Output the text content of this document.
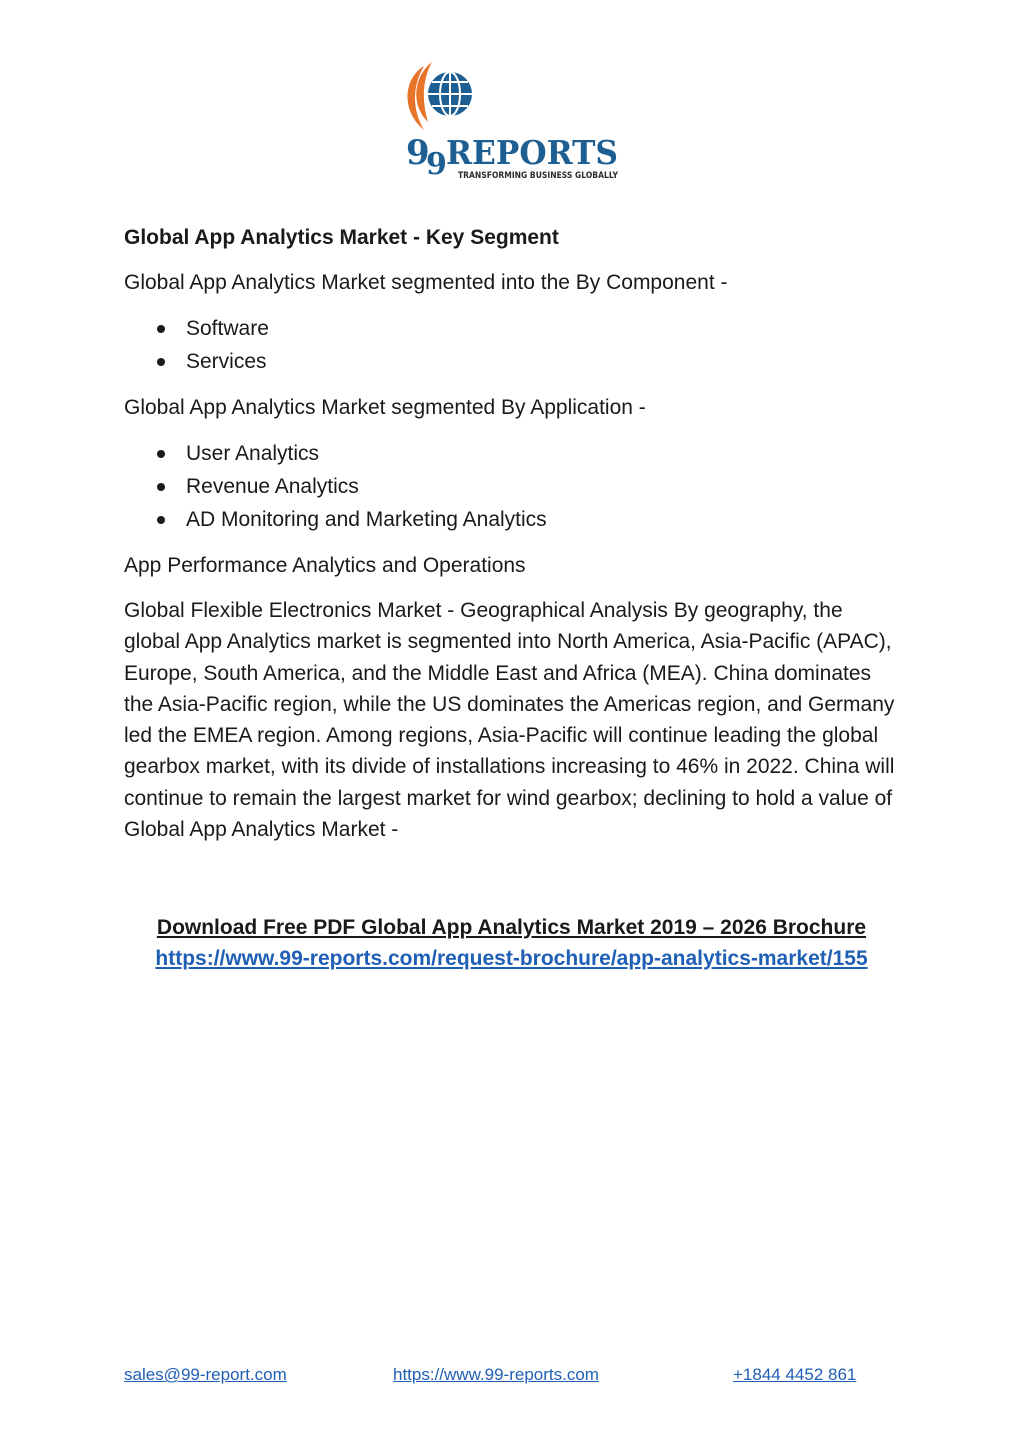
9
9 REPORTS
TRANSFORMING BUSINESS GLOBALLY
Global App Analytics Market - Key Segment
Global App Analytics Market segmented into the By Component -
Software
Services
Global App Analytics Market segmented By Application -
User Analytics
Revenue Analytics
AD Monitoring and Marketing Analytics
App Performance Analytics and Operations
Global Flexible Electronics Market - Geographical Analysis By geography, the global App Analytics market is segmented into North America, Asia-Pacific (APAC), Europe, South America, and the Middle East and Africa (MEA). China dominates the Asia-Pacific region, while the US dominates the Americas region, and Germany led the EMEA region. Among regions, Asia-Pacific will continue leading the global gearbox market, with its divide of installations increasing to 46% in 2022. China will continue to remain the largest market for wind gearbox; declining to hold a value of Global App Analytics Market -
Download Free PDF Global App Analytics Market 2019 – 2026 Brochure
https://www.99-reports.com/request-brochure/app-analytics-market/155
sales@99-report.com	https://www.99-reports.com	+1844 4452 861
